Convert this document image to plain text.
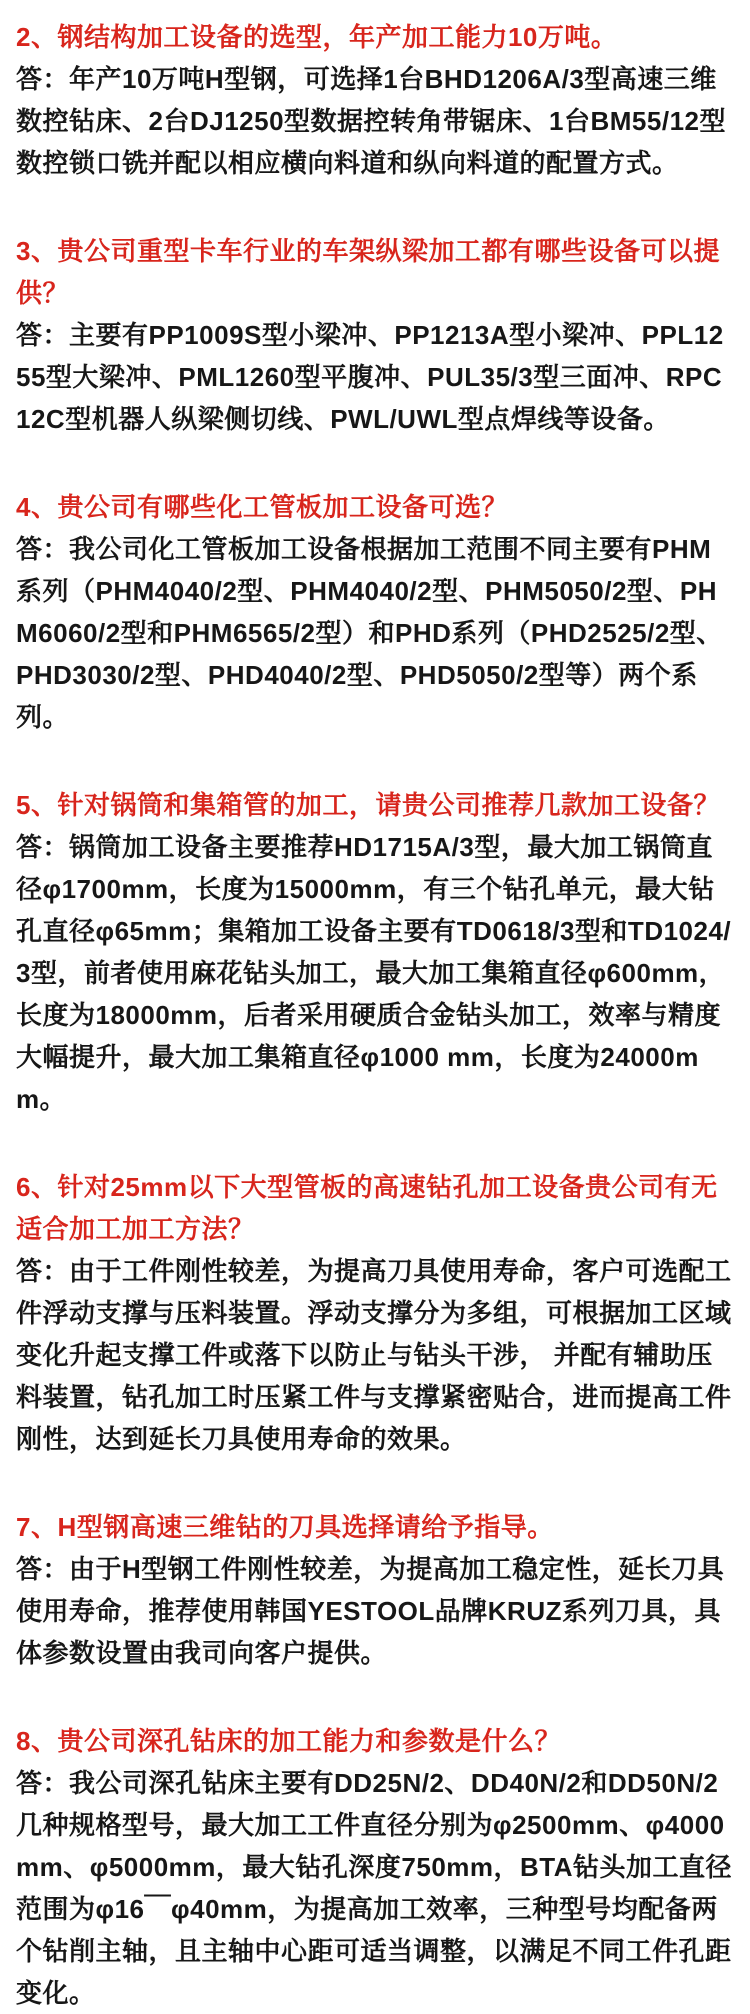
2、钢结构加工设备的选型，年产加工能力10万吨。

答：年产10万吨H型钢，可选择1台BHD1206A/3型高速三维数控钻床、2台DJ1250型数据控转角带锯床、1台BM55/12型数控锁口铣并配以相应横向料道和纵向料道的配置方式。

3、贵公司重型卡车行业的车架纵梁加工都有哪些设备可以提供？

答：主要有PP1009S型小梁冲、PP1213A型小梁冲、PPL1255型大梁冲、PML1260型平腹冲、PUL35/3型三面冲、RPC12C型机器人纵梁侧切线、PWL/UWL型点焊线等设备。

4、贵公司有哪些化工管板加工设备可选？

答：我公司化工管板加工设备根据加工范围不同主要有PHM系列（PHM4040/2型、PHM4040/2型、PHM5050/2型、PHM6060/2型和PHM6565/2型）和PHD系列（PHD2525/2型、PHD3030/2型、PHD4040/2型、PHD5050/2型等）两个系列。

5、针对锅筒和集箱管的加工，请贵公司推荐几款加工设备？

答：锅筒加工设备主要推荐HD1715A/3型，最大加工锅筒直径φ1700mm，长度为15000mm，有三个钻孔单元，最大钻孔直径φ65mm；集箱加工设备主要有TD0618/3型和TD1024/3型，前者使用麻花钻头加工，最大加工集箱直径φ600mm，长度为18000mm，后者采用硬质合金钻头加工，效率与精度大幅提升，最大加工集箱直径φ1000 mm，长度为24000mm。

6、针对25mm以下大型管板的高速钻孔加工设备贵公司有无适合加工加工方法？

答：由于工件刚性较差，为提高刀具使用寿命，客户可选配工件浮动支撑与压料装置。浮动支撑分为多组，可根据加工区域变化升起支撑工件或落下以防止与钻头干涉， 并配有辅助压料装置，钻孔加工时压紧工件与支撑紧密贴合，进而提高工件刚性，达到延长刀具使用寿命的效果。

7、H型钢高速三维钻的刀具选择请给予指导。

答：由于H型钢工件刚性较差，为提高加工稳定性，延长刀具使用寿命，推荐使用韩国YESTOOL品牌KRUZ系列刀具，具体参数设置由我司向客户提供。

8、贵公司深孔钻床的加工能力和参数是什么？

答：我公司深孔钻床主要有DD25N/2、DD40N/2和DD50N/2几种规格型号，最大加工工件直径分别为φ2500mm、φ4000mm、φ5000mm，最大钻孔深度750mm，BTA钻头加工直径范围为φ16￣φ40mm，为提高加工效率，三种型号均配备两个钻削主轴，且主轴中心距可适当调整，以满足不同工件孔距变化。
